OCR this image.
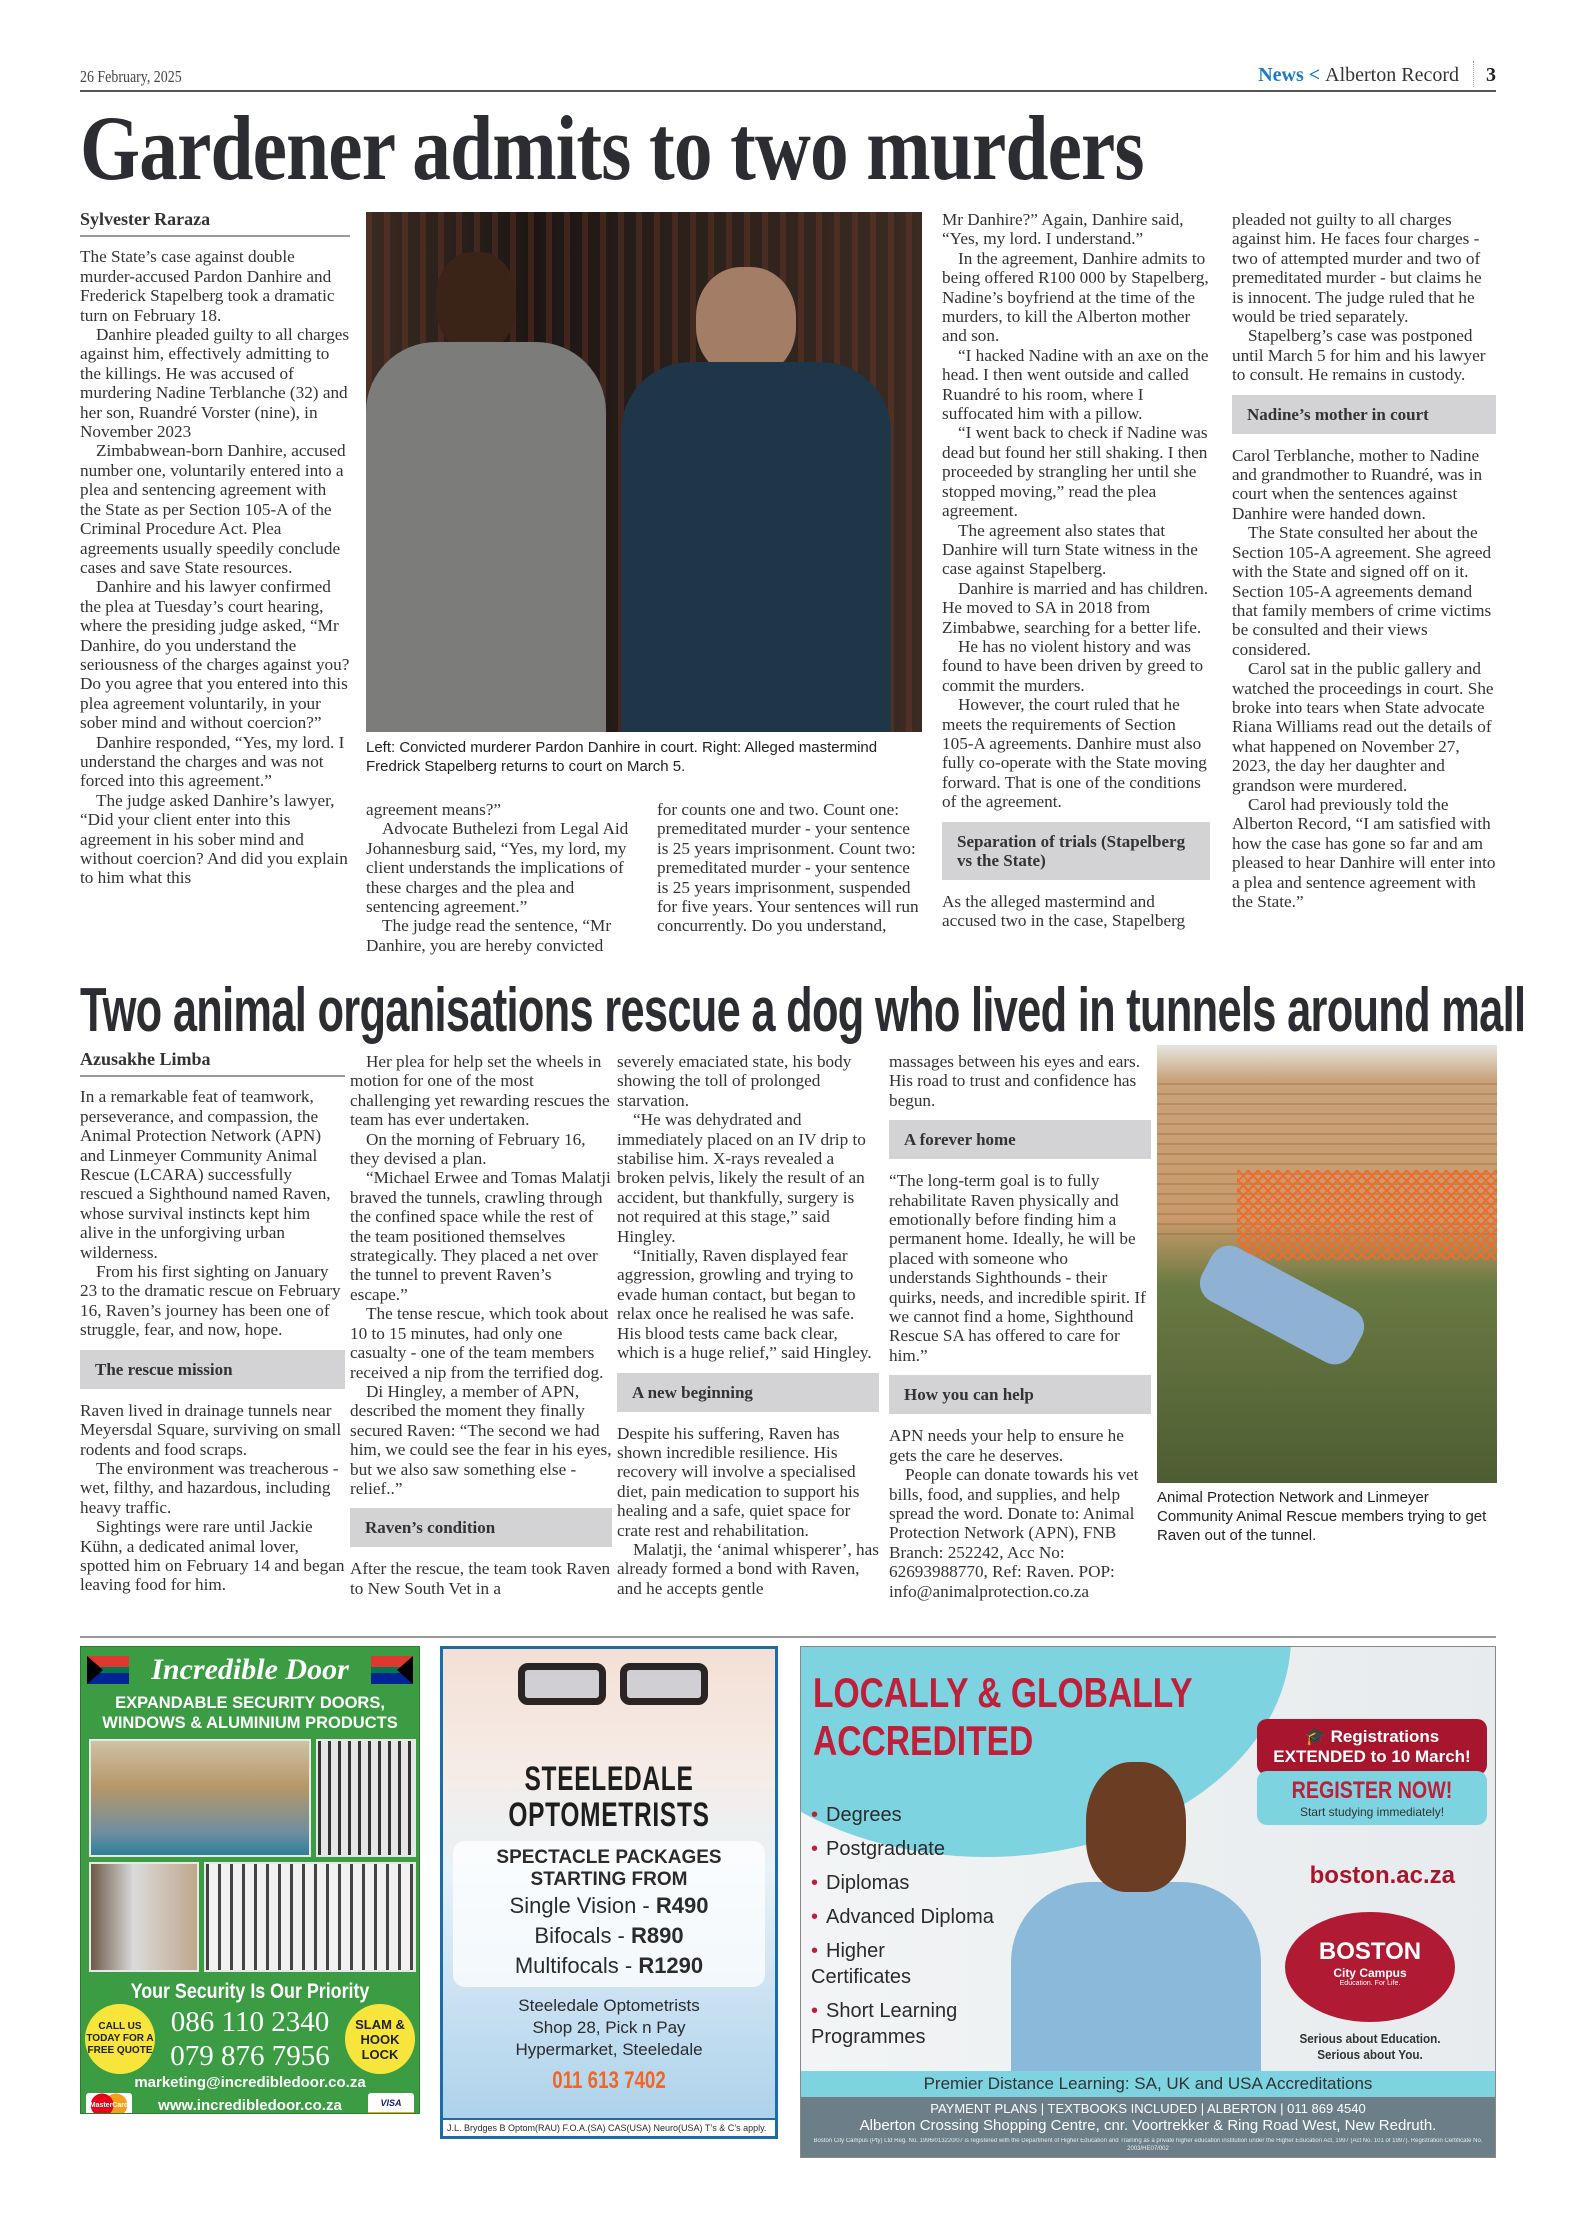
26 February, 2025	News < Alberton Record 3
Gardener admits to two murders
Sylvester Raraza

The State’s case against double murder-accused Pardon Danhire and Frederick Stapelberg took a dramatic turn on February 18.

Danhire pleaded guilty to all charges against him, effectively admitting to the killings. He was accused of murdering Nadine Terblanche (32) and her son, Ruandré Vorster (nine), in November 2023

Zimbabwean-born Danhire, accused number one, voluntarily entered into a plea and sentencing agreement with the State as per Section 105-A of the Criminal Procedure Act. Plea agreements usually speedily conclude cases and save State resources.

Danhire and his lawyer confirmed the plea at Tuesday’s court hearing, where the presiding judge asked, “Mr Danhire, do you understand the seriousness of the charges against you? Do you agree that you entered into this plea agreement voluntarily, in your sober mind and without coercion?”

Danhire responded, “Yes, my lord. I understand the charges and was not forced into this agreement.”

The judge asked Danhire’s lawyer, “Did your client enter into this agreement in his sober mind and without coercion? And did you explain to him what this

Left: Convicted murderer Pardon Danhire in court. Right: Alleged mastermind Fredrick Stapelberg returns to court on March 5.

agreement means?”

Advocate Buthelezi from Legal Aid Johannesburg said, “Yes, my lord, my client understands the implications of these charges and the plea and sentencing agreement.”

The judge read the sentence, “Mr Danhire, you are hereby convicted

for counts one and two. Count one: premeditated murder - your sentence is 25 years imprisonment. Count two: premeditated murder - your sentence is 25 years imprisonment, suspended for five years. Your sentences will run concurrently. Do you understand,

Mr Danhire?” Again, Danhire said, “Yes, my lord. I understand.”

In the agreement, Danhire admits to being offered R100 000 by Stapelberg, Nadine’s boyfriend at the time of the murders, to kill the Alberton mother and son.

“I hacked Nadine with an axe on the head. I then went outside and called Ruandré to his room, where I suffocated him with a pillow.

“I went back to check if Nadine was dead but found her still shaking. I then proceeded by strangling her until she stopped moving,” read the plea agreement.

The agreement also states that Danhire will turn State witness in the case against Stapelberg.

Danhire is married and has children. He moved to SA in 2018 from Zimbabwe, searching for a better life.

He has no violent history and was found to have been driven by greed to commit the murders.

However, the court ruled that he meets the requirements of Section 105-A agreements. Danhire must also fully co-operate with the State moving forward. That is one of the conditions of the agreement.

Separation of trials (Stapelberg vs the State)

As the alleged mastermind and accused two in the case, Stapelberg

pleaded not guilty to all charges against him. He faces four charges - two of attempted murder and two of premeditated murder - but claims he is innocent. The judge ruled that he would be tried separately.

Stapelberg’s case was postponed until March 5 for him and his lawyer to consult. He remains in custody.

Nadine’s mother in court

Carol Terblanche, mother to Nadine and grandmother to Ruandré, was in court when the sentences against Danhire were handed down.

The State consulted her about the Section 105-A agreement. She agreed with the State and signed off on it. Section 105-A agreements demand that family members of crime victims be consulted and their views considered.

Carol sat in the public gallery and watched the proceedings in court. She broke into tears when State advocate Riana Williams read out the details of what happened on November 27, 2023, the day her daughter and grandson were murdered.

Carol had previously told the Alberton Record, “I am satisfied with how the case has gone so far and am pleased to hear Danhire will enter into a plea and sentence agreement with the State.”

Two animal organisations rescue a dog who lived in tunnels around mall
Azusakhe Limba

In a remarkable feat of teamwork, perseverance, and compassion, the Animal Protection Network (APN) and Linmeyer Community Animal Rescue (LCARA) successfully rescued a Sighthound named Raven, whose survival instincts kept him alive in the unforgiving urban wilderness.

From his first sighting on January 23 to the dramatic rescue on February 16, Raven’s journey has been one of struggle, fear, and now, hope.

The rescue mission

Raven lived in drainage tunnels near Meyersdal Square, surviving on small rodents and food scraps.

The environment was treacherous - wet, filthy, and hazardous, including heavy traffic.

Sightings were rare until Jackie Kühn, a dedicated animal lover, spotted him on February 14 and began leaving food for him.

Her plea for help set the wheels in motion for one of the most challenging yet rewarding rescues the team has ever undertaken.

On the morning of February 16, they devised a plan.

“Michael Erwee and Tomas Malatji braved the tunnels, crawling through the confined space while the rest of the team positioned themselves strategically. They placed a net over the tunnel to prevent Raven’s escape.”

The tense rescue, which took about 10 to 15 minutes, had only one casualty - one of the team members received a nip from the terrified dog.

Di Hingley, a member of APN, described the moment they finally secured Raven: “The second we had him, we could see the fear in his eyes, but we also saw something else - relief..”

Raven’s condition

After the rescue, the team took Raven to New South Vet in a

severely emaciated state, his body showing the toll of prolonged starvation.

“He was dehydrated and immediately placed on an IV drip to stabilise him. X-rays revealed a broken pelvis, likely the result of an accident, but thankfully, surgery is not required at this stage,” said Hingley.

“Initially, Raven displayed fear aggression, growling and trying to evade human contact, but began to relax once he realised he was safe. His blood tests came back clear, which is a huge relief,” said Hingley.

A new beginning

Despite his suffering, Raven has shown incredible resilience. His recovery will involve a specialised diet, pain medication to support his healing and a safe, quiet space for crate rest and rehabilitation.

Malatji, the ‘animal whisperer’, has already formed a bond with Raven, and he accepts gentle

massages between his eyes and ears. His road to trust and confidence has begun.

A forever home

“The long-term goal is to fully rehabilitate Raven physically and emotionally before finding him a permanent home. Ideally, he will be placed with someone who understands Sighthounds - their quirks, needs, and incredible spirit. If we cannot find a home, Sighthound Rescue SA has offered to care for him.”

How you can help

APN needs your help to ensure he gets the care he deserves.

People can donate towards his vet bills, food, and supplies, and help spread the word. Donate to: Animal Protection Network (APN), FNB Branch: 252242, Acc No: 62693988770, Ref: Raven. POP: info@animalprotection.co.za

Animal Protection Network and Linmeyer Community Animal Rescue members trying to get Raven out of the tunnel.
Incredible Door
EXPANDABLE SECURITY DOORS,
WINDOWS & ALUMINIUM PRODUCTS
Your Security Is Our Priority
CALL US TODAY FOR A FREE QUOTE
086 110 2340
079 876 7956
SLAM & HOOK LOCK
marketing@incredibledoor.co.za
MasterCard www.incredibledoor.co.za	VISA
STEELEDALE
OPTOMETRISTS
SPECTACLE PACKAGES
STARTING FROM
Single Vision - R490
Bifocals - R890
Multifocals - R1290
Steeledale Optometrists
Shop 28, Pick n Pay
Hypermarket, Steeledale
011 613 7402
J.L. Brydges B Optom(RAU) F.O.A.(SA) CAS(USA) Neuro(USA) T’s & C’s apply.
LOCALLY & GLOBALLY
ACCREDITED
• Degrees
• Postgraduate
• Diplomas
• Advanced Diploma
• Higher Certificates
• Short Learning Programmes
🎓 Registrations
EXTENDED to 10 March!
REGISTER NOW!
Start studying immediately!
boston.ac.za
BOSTON
City Campus
Education. For Life.
Serious about Education.
Serious about You.
Premier Distance Learning: SA, UK and USA Accreditations
PAYMENT PLANS | TEXTBOOKS INCLUDED | ALBERTON | 011 869 4540
Alberton Crossing Shopping Centre, cnr. Voortrekker & Ring Road West, New Redruth.
Boston City Campus (Pty) Ltd Reg. No. 1996/013220/07 is registered with the Department of Higher Education and Training as a private higher education institution under the Higher Education Act, 1997 (Act No. 101 of 1997). Registration Certificate No. 2003/HE07/002
